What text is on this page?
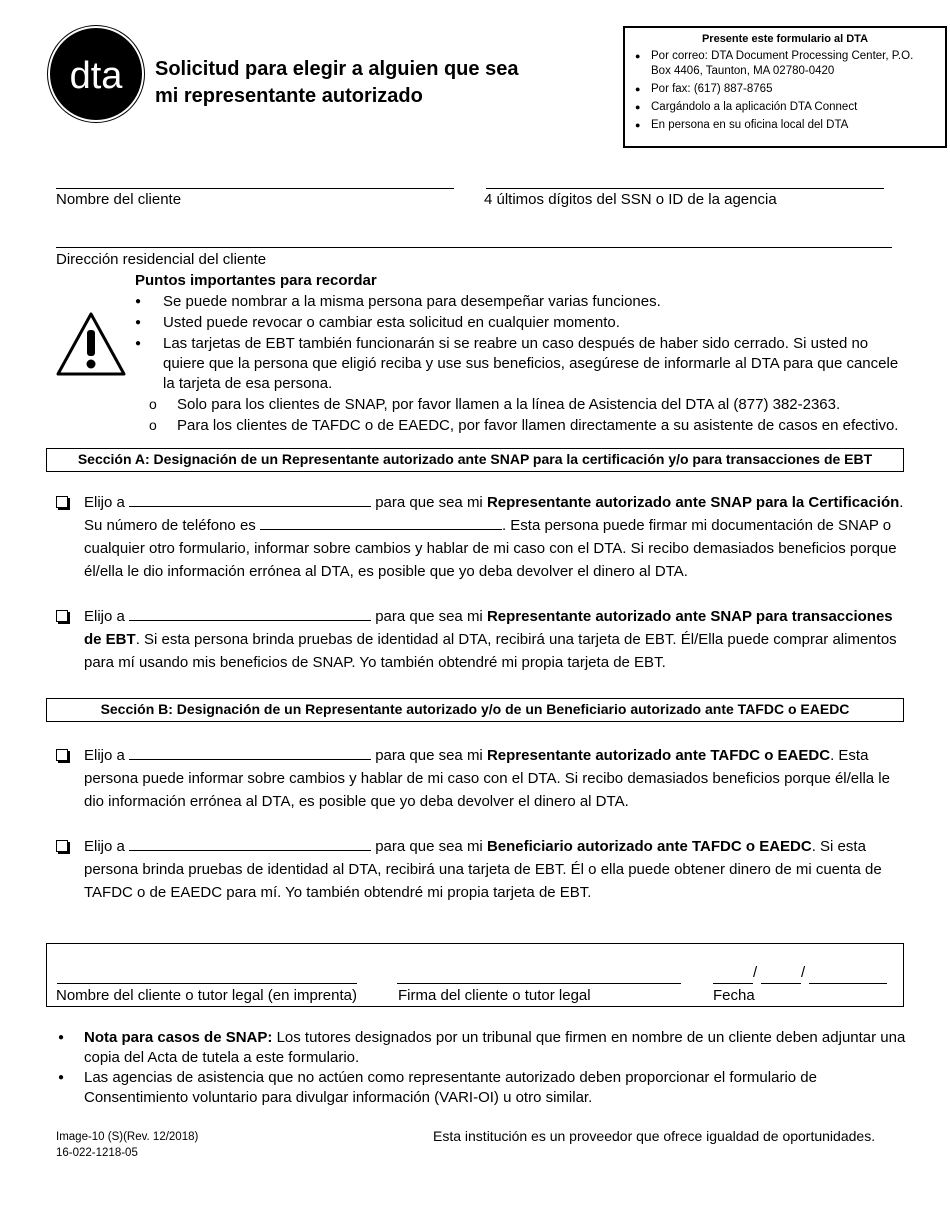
dta Solicitud para elegir a alguien que sea
mi representante autorizado
Presente este formulario al DTA
● Por correo: DTA Document Processing Center, P.O. Box 4406, Taunton, MA 02780-0420
● Por fax: (617) 887-8765
● Cargándolo a la aplicación DTA Connect
● En persona en su oficina local del DTA
Nombre del cliente	4 últimos dígitos del SSN o ID de la agencia
Dirección residencial del cliente
Puntos importantes para recordar
● Se puede nombrar a la misma persona para desempeñar varias funciones.
● Usted puede revocar o cambiar esta solicitud en cualquier momento.
● Las tarjetas de EBT también funcionarán si se reabre un caso después de haber sido cerrado. Si usted no quiere que la persona que eligió reciba y use sus beneficios, asegúrese de informarle al DTA para que cancele la tarjeta de esa persona.
o Solo para los clientes de SNAP, por favor llamen a la línea de Asistencia del DTA al (877) 382-2363.
o Para los clientes de TAFDC o de EAEDC, por favor llamen directamente a su asistente de casos en efectivo.
Sección A: Designación de un Representante autorizado ante SNAP para la certificación y/o para transacciones de EBT

Elijo a	para que sea mi Representante autorizado ante SNAP para la Certificación. Su número de teléfono es	. Esta persona puede firmar mi documentación de SNAP o cualquier otro formulario, informar sobre cambios y hablar de mi caso con el DTA. Si recibo demasiados beneficios porque él/ella le dio información errónea al DTA, es posible que yo deba devolver el dinero al DTA.

Elijo a	para que sea mi Representante autorizado ante SNAP para transacciones de EBT. Si esta persona brinda pruebas de identidad al DTA, recibirá una tarjeta de EBT. Él/Ella puede comprar alimentos para mí usando mis beneficios de SNAP. Yo también obtendré mi propia tarjeta de EBT.

Sección B: Designación de un Representante autorizado y/o de un Beneficiario autorizado ante TAFDC o EAEDC

Elijo a	para que sea mi Representante autorizado ante TAFDC o EAEDC. Esta persona puede informar sobre cambios y hablar de mi caso con el DTA. Si recibo demasiados beneficios porque él/ella le dio información errónea al DTA, es posible que yo deba devolver el dinero al DTA.

Elijo a	para que sea mi Beneficiario autorizado ante TAFDC o EAEDC. Si esta persona brinda pruebas de identidad al DTA, recibirá una tarjeta de EBT. Él o ella puede obtener dinero de mi cuenta de TAFDC o de EAEDC para mí. Yo también obtendré mi propia tarjeta de EBT.

Nombre del cliente o tutor legal (en imprenta)	Firma del cliente o tutor legal
/	/
Fecha
● Nota para casos de SNAP: Los tutores designados por un tribunal que firmen en nombre de un cliente deben adjuntar una copia del Acta de tutela a este formulario.
● Las agencias de asistencia que no actúen como representante autorizado deben proporcionar el formulario de Consentimiento voluntario para divulgar información (VARI-OI) u otro similar.
Image-10 (S)(Rev. 12/2018)
16-022-1218-05
Esta institución es un proveedor que ofrece igualdad de oportunidades.
